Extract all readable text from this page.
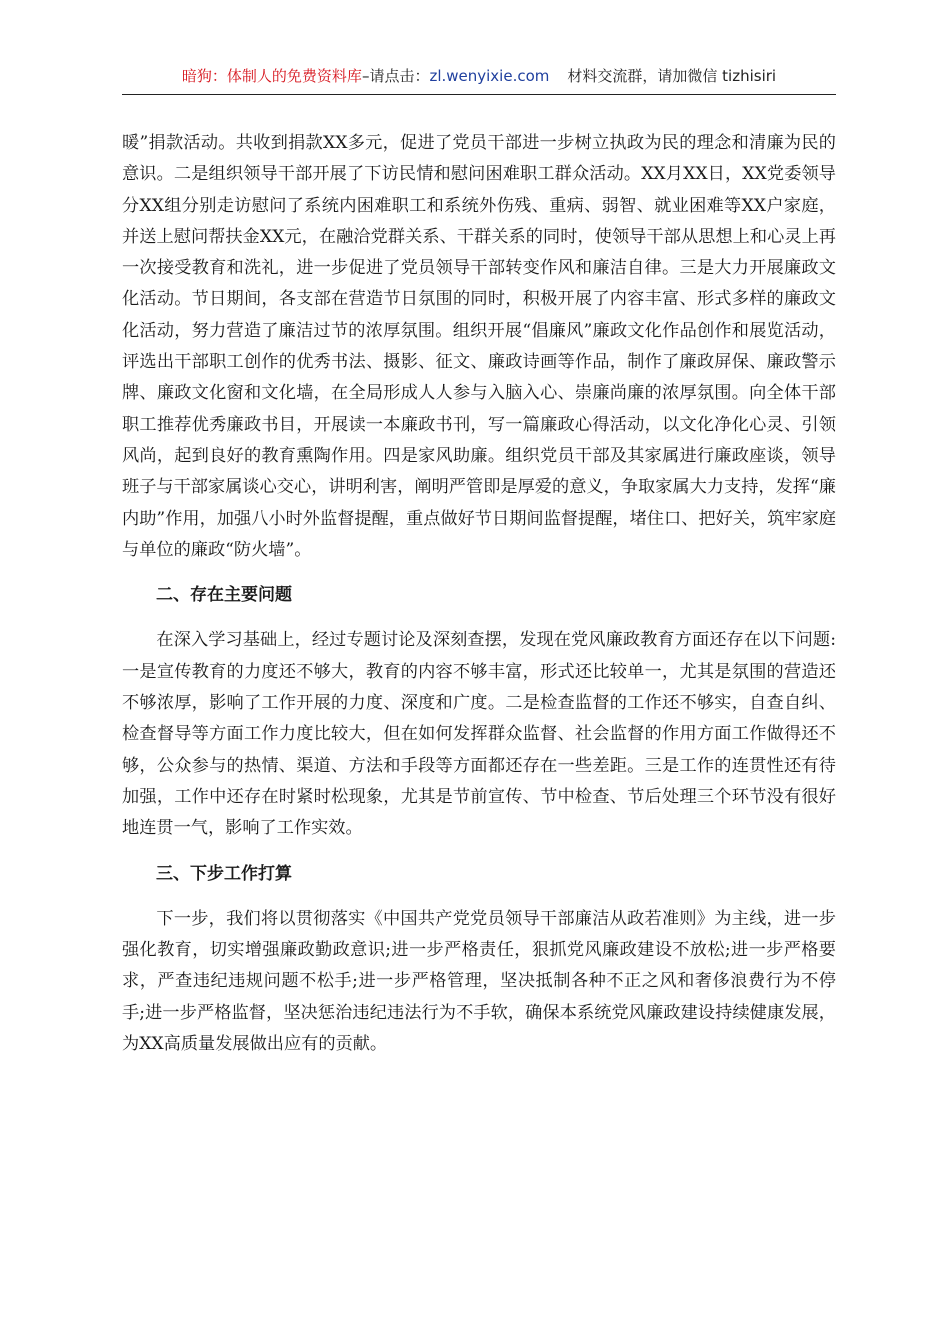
暗狗：体制人的免费资料库–请点击：zl.wenyixie.com 材料交流群，请加微信 tizhisiri

暖”捐款活动。共收到捐款XX多元，促进了党员干部进一步树立执政为民的理念和清廉为民的意识。二是组织领导干部开展了下访民情和慰问困难职工群众活动。XX月XX日，XX党委领导分XX组分别走访慰问了系统内困难职工和系统外伤残、重病、弱智、就业困难等XX户家庭，并送上慰问帮扶金XX元，在融洽党群关系、干群关系的同时，使领导干部从思想上和心灵上再一次接受教育和洗礼，进一步促进了党员领导干部转变作风和廉洁自律。三是大力开展廉政文化活动。节日期间，各支部在营造节日氛围的同时，积极开展了内容丰富、形式多样的廉政文化活动，努力营造了廉洁过节的浓厚氛围。组织开展“倡廉风”廉政文化作品创作和展览活动，评选出干部职工创作的优秀书法、摄影、征文、廉政诗画等作品，制作了廉政屏保、廉政警示牌、廉政文化窗和文化墙，在全局形成人人参与入脑入心、崇廉尚廉的浓厚氛围。向全体干部职工推荐优秀廉政书目，开展读一本廉政书刊，写一篇廉政心得活动，以文化净化心灵、引领风尚，起到良好的教育熏陶作用。四是家风助廉。组织党员干部及其家属进行廉政座谈，领导班子与干部家属谈心交心，讲明利害，阐明严管即是厚爱的意义，争取家属大力支持，发挥“廉内助”作用，加强八小时外监督提醒，重点做好节日期间监督提醒，堵住口、把好关，筑牢家庭与单位的廉政“防火墙”。

二、存在主要问题

在深入学习基础上，经过专题讨论及深刻查摆，发现在党风廉政教育方面还存在以下问题:一是宣传教育的力度还不够大，教育的内容不够丰富，形式还比较单一，尤其是氛围的营造还不够浓厚，影响了工作开展的力度、深度和广度。二是检查监督的工作还不够实，自查自纠、检查督导等方面工作力度比较大，但在如何发挥群众监督、社会监督的作用方面工作做得还不够，公众参与的热情、渠道、方法和手段等方面都还存在一些差距。三是工作的连贯性还有待加强，工作中还存在时紧时松现象，尤其是节前宣传、节中检查、节后处理三个环节没有很好地连贯一气，影响了工作实效。

三、下步工作打算

下一步，我们将以贯彻落实《中国共产党党员领导干部廉洁从政若准则》为主线，进一步强化教育，切实增强廉政勤政意识;进一步严格责任，狠抓党风廉政建设不放松;进一步严格要求，严查违纪违规问题不松手;进一步严格管理，坚决抵制各种不正之风和奢侈浪费行为不停手;进一步严格监督，坚决惩治违纪违法行为不手软，确保本系统党风廉政建设持续健康发展，为XX高质量发展做出应有的贡献。
